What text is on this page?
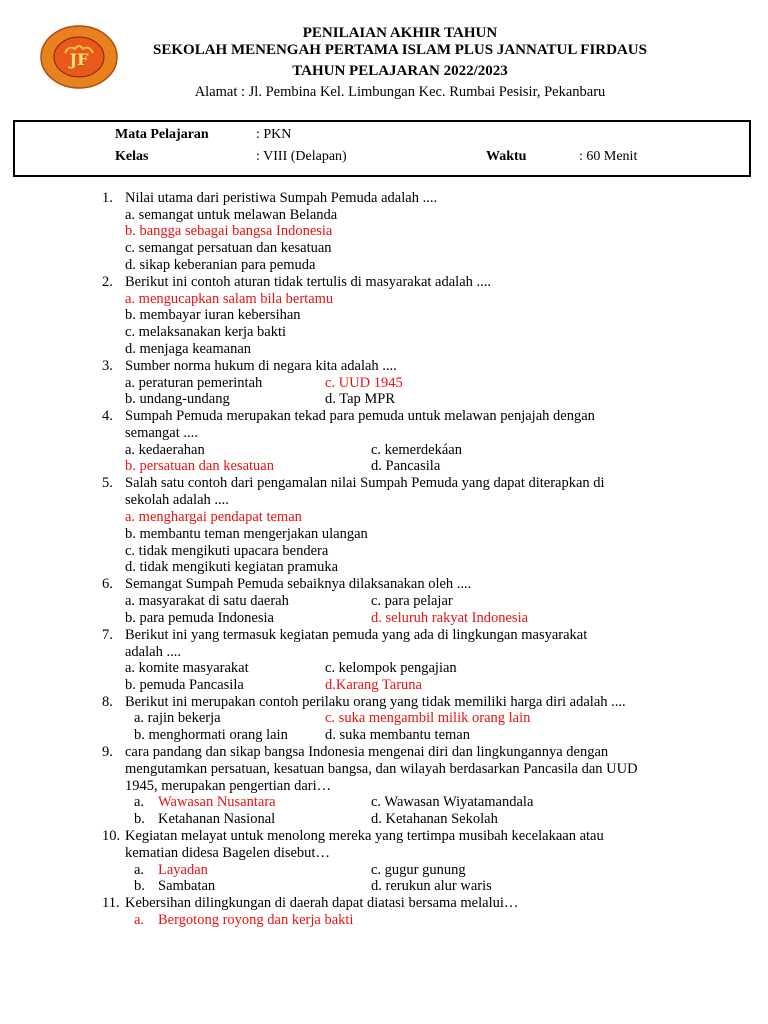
JF
PENILAIAN AKHIR TAHUN
SEKOLAH MENENGAH PERTAMA ISLAM PLUS JANNATUL FIRDAUS
TAHUN PELAJARAN 2022/2023
Alamat : Jl. Pembina Kel. Limbungan Kec. Rumbai Pesisir, Pekanbaru
Mata Pelajaran	: PKN
Kelas	: VIII (Delapan)	Waktu	: 60 Menit
1. Nilai utama dari peristiwa Sumpah Pemuda adalah ....
a. semangat untuk melawan Belanda
b. bangga sebagai bangsa Indonesia
c. semangat persatuan dan kesatuan
d. sikap keberanian para pemuda
2. Berikut ini contoh aturan tidak tertulis di masyarakat adalah ....
a. mengucapkan salam bila bertamu
b. membayar iuran kebersihan
c. melaksanakan kerja bakti
d. menjaga keamanan
3. Sumber norma hukum di negara kita adalah ....
a. peraturan pemerintah	c. UUD 1945
b. undang-undang	d. Tap MPR
4. Sumpah Pemuda merupakan tekad para pemuda untuk melawan penjajah dengan
semangat ....
a. kedaerahan	c. kemerdekáan
b. persatuan dan kesatuan	d. Pancasila
5. Salah satu contoh dari pengamalan nilai Sumpah Pemuda yang dapat diterapkan di
sekolah adalah ....
a. menghargai pendapat teman
b. membantu teman mengerjakan ulangan
c. tidak mengikuti upacara bendera
d. tidak mengikuti kegiatan pramuka
6. Semangat Sumpah Pemuda sebaiknya dilaksanakan oleh ....
a. masyarakat di satu daerah	c. para pelajar
b. para pemuda Indonesia	d. seluruh rakyat Indonesia
7. Berikut ini yang termasuk kegiatan pemuda yang ada di lingkungan masyarakat
adalah ....
a. komite masyarakat	c. kelompok pengajian
b. pemuda Pancasila	d.Karang Taruna
8. Berikut ini merupakan contoh perilaku orang yang tidak memiliki harga diri adalah ....
a. rajin bekerja	c. suka mengambil milik orang lain
b. menghormati orang lain	d. suka membantu teman
9. cara pandang dan sikap bangsa Indonesia mengenai diri dan lingkungannya dengan
mengutamkan persatuan, kesatuan bangsa, dan wilayah berdasarkan Pancasila dan UUD
1945, merupakan pengertian dari…
a. Wawasan Nusantara	c. Wawasan Wiyatamandala
b. Ketahanan Nasional	d. Ketahanan Sekolah
10. Kegiatan melayat untuk menolong mereka yang tertimpa musibah kecelakaan atau
kematian didesa Bagelen disebut…
a. Layadan	c. gugur gunung
b. Sambatan	d. rerukun alur waris
11. Kebersihan dilingkungan di daerah dapat diatasi bersama melalui…
a. Bergotong royong dan kerja bakti
